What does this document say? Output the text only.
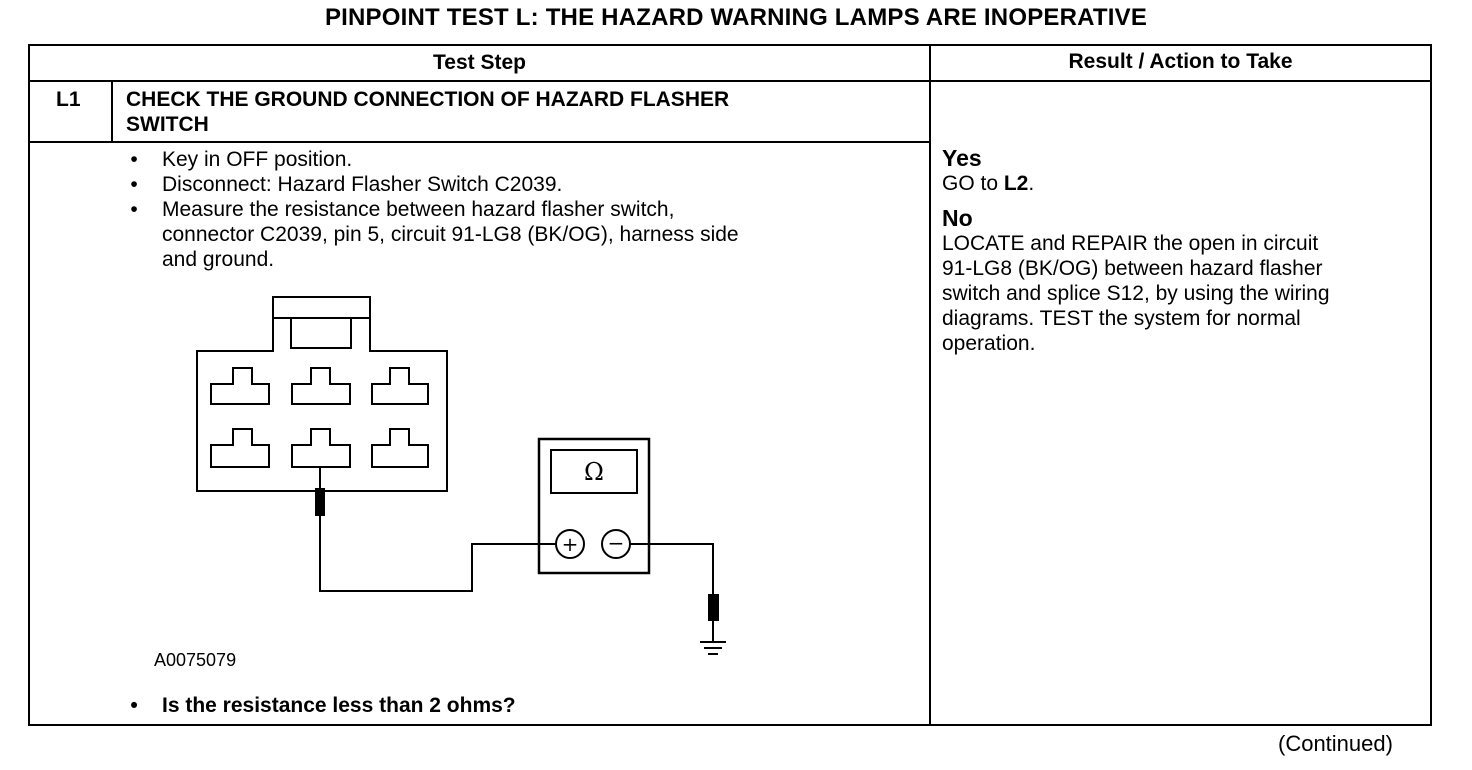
PINPOINT TEST L: THE HAZARD WARNING LAMPS ARE INOPERATIVE
Test Step	Result / Action to Take
L1 CHECK THE GROUND CONNECTION OF HAZARD FLASHER
SWITCH
•	Key in OFF position.
•	Disconnect: Hazard Flasher Switch C2039.
•	Measure the resistance between hazard flasher switch,
connector C2039, pin 5, circuit 91-LG8 (BK/OG), harness side
and ground.
Ω
+ −
A0075079
•	Is the resistance less than 2 ohms?
Yes
GO to L2.
No
LOCATE and REPAIR the open in circuit
91-LG8 (BK/OG) between hazard flasher
switch and splice S12, by using the wiring
diagrams. TEST the system for normal
operation.
(Continued)
